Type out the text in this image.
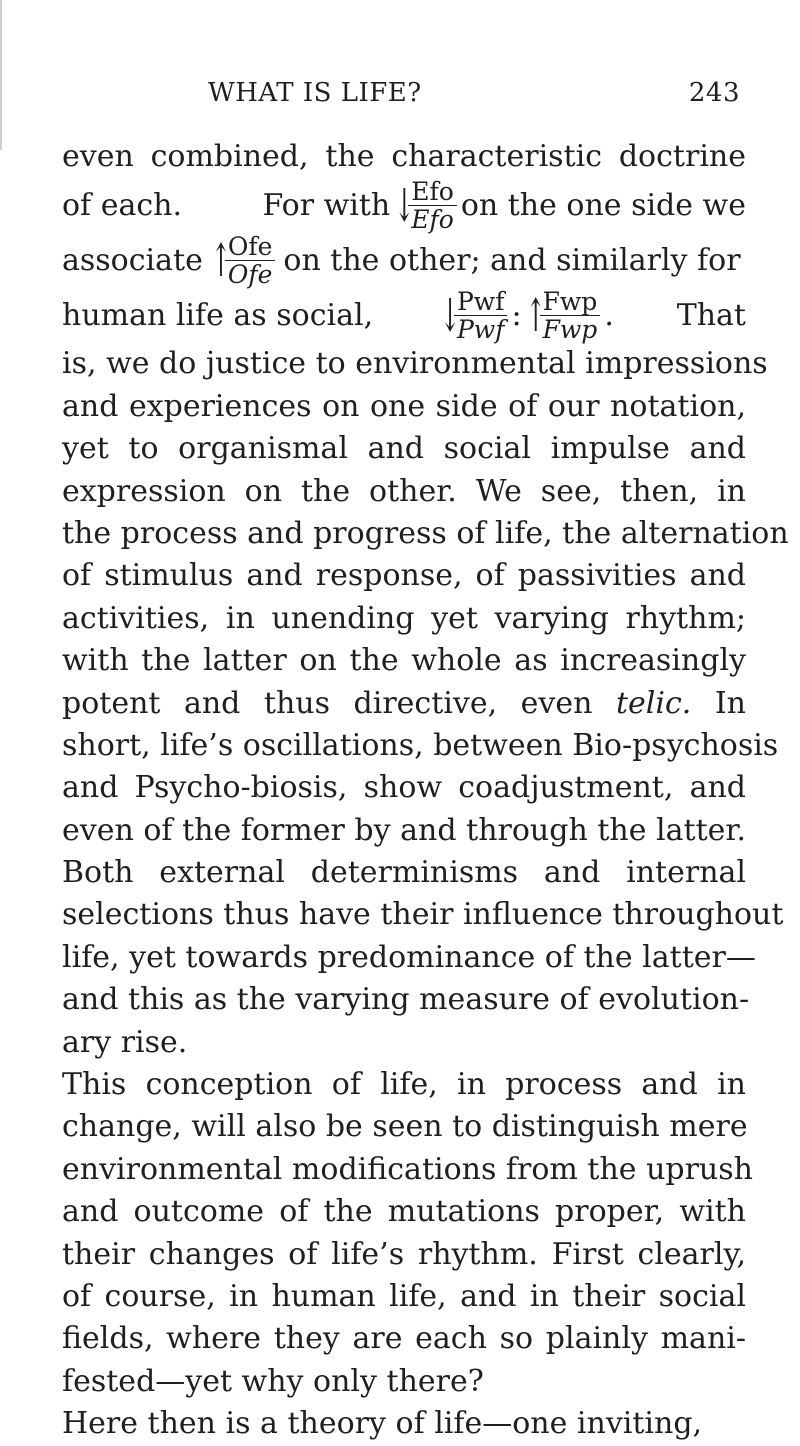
WHAT IS LIFE?	243
even combined, the characteristic doctrine
of each.	For with ↓
$\frac{\text{Efo}}{\text{Efo}}$ on the one side we
associate ↑
$\frac{\text{Ofe}}{\text{Ofe}}$ on the other; and similarly for
human life as social,	↓
$\frac{\text{Pwf}}{\text{Pwf}}$ : ↑
$\frac{\text{Fwp}}{\text{Fwp}}$ . That
is, we do justice to environmental impressions
and experiences on one side of our notation,
yet to organismal and social impulse and
expression on the other. We see, then, in
the process and progress of life, the alternation
of stimulus and response, of passivities and
activities, in unending yet varying rhythm;
with the latter on the whole as increasingly
potent and thus directive, even telic. In
short, life’s oscillations, between Bio-psychosis
and Psycho-biosis, show coadjustment, and
even of the former by and through the latter.
Both external determinisms and internal
selections thus have their influence throughout
life, yet towards predominance of the latter—
and this as the varying measure of evolution-
ary rise.
This conception of life, in process and in
change, will also be seen to distinguish mere
environmental modifications from the uprush
and outcome of the mutations proper, with
their changes of life’s rhythm. First clearly,
of course, in human life, and in their social
fields, where they are each so plainly mani-
fested—yet why only there?
Here then is a theory of life—one inviting,
